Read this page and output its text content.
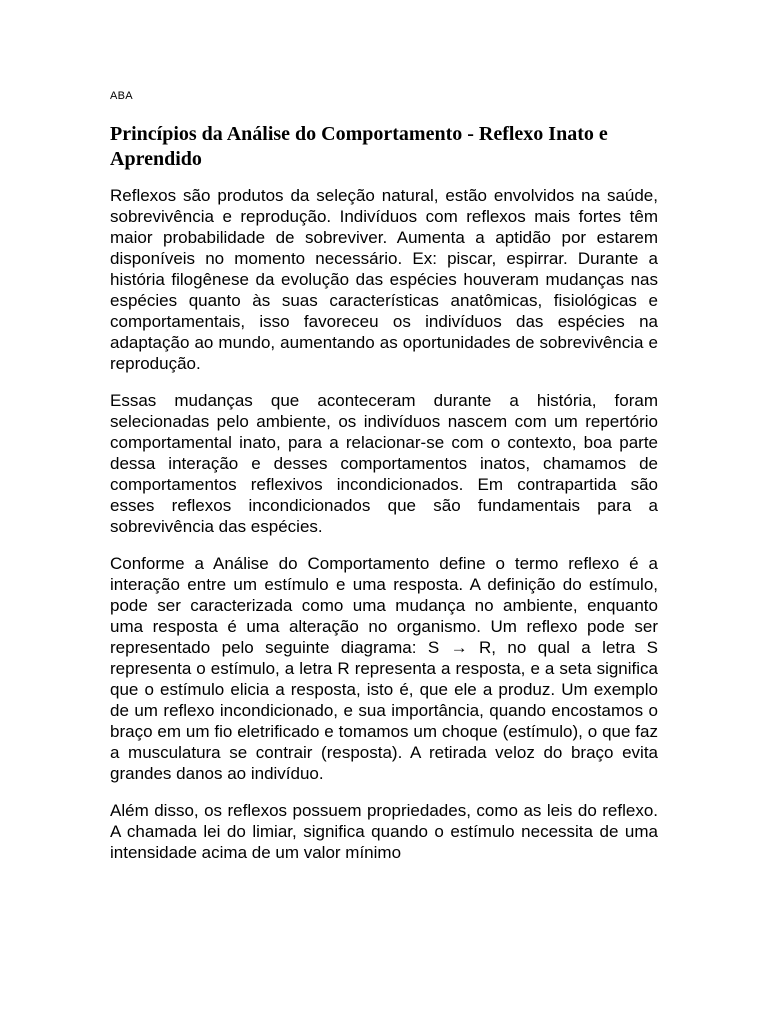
ABA
Princípios da Análise do Comportamento - Reflexo Inato e Aprendido

Reflexos são produtos da seleção natural, estão envolvidos na saúde, sobrevivência e reprodução. Indivíduos com reflexos mais fortes têm maior probabilidade de sobreviver. Aumenta a aptidão por estarem disponíveis no momento necessário. Ex: piscar, espirrar. Durante a história filogênese da evolução das espécies houveram mudanças nas espécies quanto às suas características anatômicas, fisiológicas e comportamentais, isso favoreceu os indivíduos das espécies na adaptação ao mundo, aumentando as oportunidades de sobrevivência e reprodução.

Essas mudanças que aconteceram durante a história, foram selecionadas pelo ambiente, os indivíduos nascem com um repertório comportamental inato, para a relacionar-se com o contexto, boa parte dessa interação e desses comportamentos inatos, chamamos de comportamentos reflexivos incondicionados. Em contrapartida são esses reflexos incondicionados que são fundamentais para a sobrevivência das espécies.

Conforme a Análise do Comportamento define o termo reflexo é a interação entre um estímulo e uma resposta. A definição do estímulo, pode ser caracterizada como uma mudança no ambiente, enquanto uma resposta é uma alteração no organismo. Um reflexo pode ser representado pelo seguinte diagrama: S → R, no qual a letra S representa o estímulo, a letra R representa a resposta, e a seta significa que o estímulo elicia a resposta, isto é, que ele a produz. Um exemplo de um reflexo incondicionado, e sua importância, quando encostamos o braço em um fio eletrificado e tomamos um choque (estímulo), o que faz a musculatura se contrair (resposta). A retirada veloz do braço evita grandes danos ao indivíduo.

Além disso, os reflexos possuem propriedades, como as leis do reflexo. A chamada lei do limiar, significa quando o estímulo necessita de uma intensidade acima de um valor mínimo
